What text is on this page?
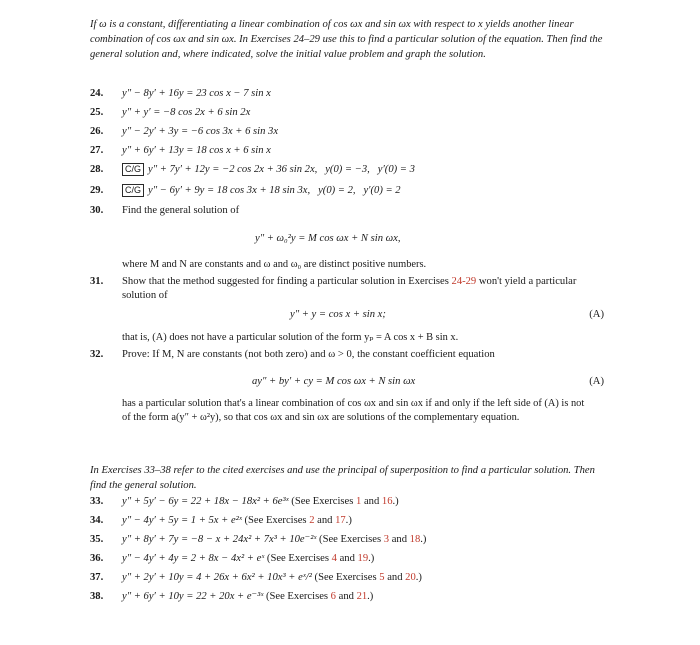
If ω is a constant, differentiating a linear combination of cos ωx and sin ωx with respect to x yields another linear combination of cos ωx and sin ωx. In Exercises 24–29 use this to find a particular solution of the equation. Then find the general solution and, where indicated, solve the initial value problem and graph the solution.

24.	y″ − 8y′ + 16y = 23 cos x − 7 sin x
25.	y″ + y′ = −8 cos 2x + 6 sin 2x
26.	y″ − 2y′ + 3y = −6 cos 3x + 6 sin 3x
27.	y″ + 6y′ + 13y = 18 cos x + 6 sin x
28.	C/G y″ + 7y′ + 12y = −2 cos 2x + 36 sin 2x,   y(0) = −3,   y′(0) = 3
29.	C/G y″ − 6y′ + 9y = 18 cos 3x + 18 sin 3x,   y(0) = 2,   y′(0) = 2
30.	Find the general solution of
y″ + ω₀²y = M cos ωx + N sin ωx,
where M and N are constants and ω and ω₀ are distinct positive numbers.
31.	Show that the method suggested for finding a particular solution in Exercises 24-29 won't yield a particular solution of
y″ + y = cos x + sin x;	(A)
that is, (A) does not have a particular solution of the form yₚ = A cos x + B sin x.
32.	Prove: If M, N are constants (not both zero) and ω > 0, the constant coefficient equation
ay″ + by′ + cy = M cos ωx + N sin ωx	(A)
has a particular solution that's a linear combination of cos ωx and sin ωx if and only if the left side of (A) is not of the form a(y″ + ω²y), so that cos ωx and sin ωx are solutions of the complementary equation.

In Exercises 33–38 refer to the cited exercises and use the principal of superposition to find a particular solution. Then find the general solution.

33.	y″ + 5y′ − 6y = 22 + 18x − 18x² + 6e³ˣ (See Exercises 1 and 16.)
34.	y″ − 4y′ + 5y = 1 + 5x + e²ˣ (See Exercises 2 and 17.)
35.	y″ + 8y′ + 7y = −8 − x + 24x² + 7x³ + 10e⁻²ˣ (See Exercises 3 and 18.)
36.	y″ − 4y′ + 4y = 2 + 8x − 4x² + eˣ (See Exercises 4 and 19.)
37.	y″ + 2y′ + 10y = 4 + 26x + 6x² + 10x³ + eˣ/² (See Exercises 5 and 20.)
38.	y″ + 6y′ + 10y = 22 + 20x + e⁻³ˣ (See Exercises 6 and 21.)
